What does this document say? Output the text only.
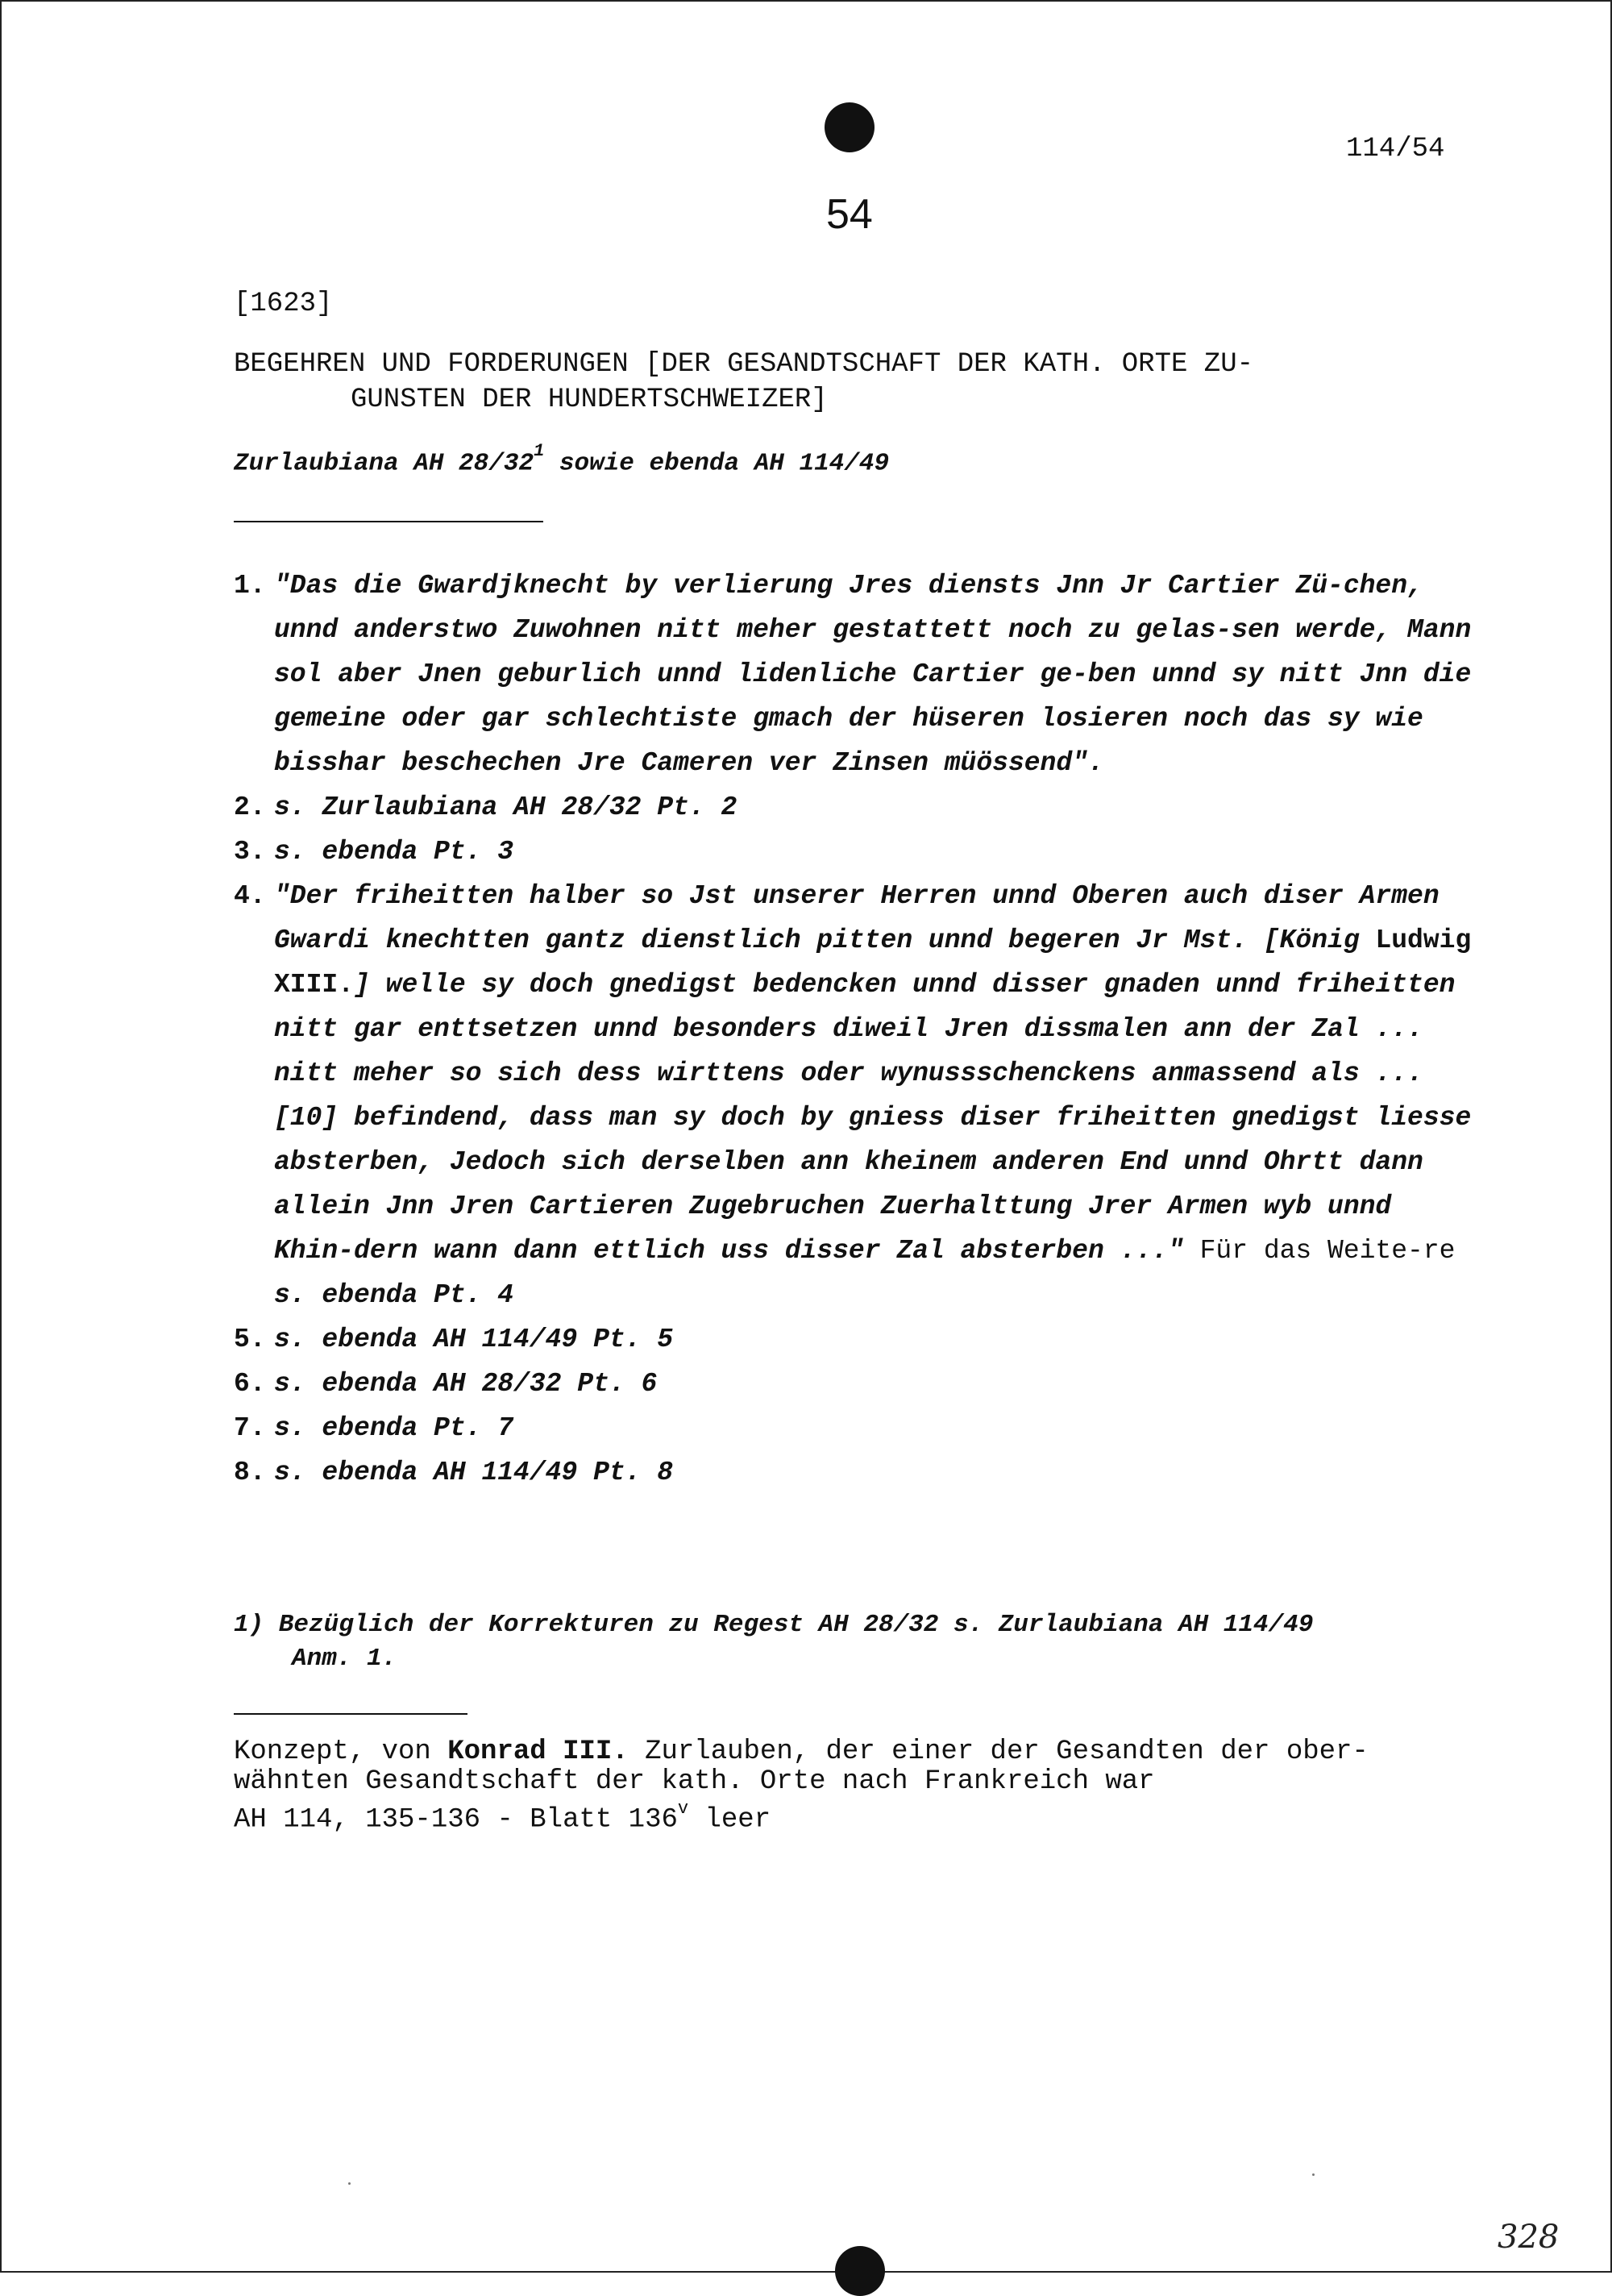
114/54
54
[1623]
BEGEHREN UND FORDERUNGEN [DER GESANDTSCHAFT DER KATH. ORTE ZU-
GUNSTEN DER HUNDERTSCHWEIZER]
Zurlaubiana AH $28/32^1$ sowie ebenda AH 114/49
1. "Das die Gwardjknecht by verlierung Jres diensts Jnn Jr Cartier Zü-chen, unnd anderstwo Zuwohnen nitt meher gestattett noch zu gelas-sen werde, Mann sol aber Jnen geburlich unnd lidenliche Cartier ge-ben unnd sy nitt Jnn die gemeine oder gar schlechtiste gmach der hüseren losieren noch das sy wie bisshar beschechen Jre Cameren ver Zinsen müössend".
2. s. Zurlaubiana AH 28/32 Pt. 2
3. s. ebenda Pt. 3
4. "Der friheitten halber so Jst unserer Herren unnd Oberen auch diser Armen Gwardi knechtten gantz dienstlich pitten unnd begeren Jr Mst. [König Ludwig XIII.] welle sy doch gnedigst bedencken unnd disser gnaden unnd friheitten nitt gar enttsetzen unnd besonders diweil Jren dissmalen ann der Zal ... nitt meher so sich dess wirttens oder wynussschenckens anmassend als ... [10] befindend, dass man sy doch by gniess diser friheitten gnedigst liesse absterben, Jedoch sich derselben ann kheinem anderen End unnd Ohrtt dann allein Jnn Jren Cartieren Zugebruchen Zuerhalttung Jrer Armen wyb unnd Khin-dern wann dann ettlich uss disser Zal absterben ..." Für das Weite-re s. ebenda Pt. 4
5. s. ebenda AH 114/49 Pt. 5
6. s. ebenda AH 28/32 Pt. 6
7. s. ebenda Pt. 7
8. s. ebenda AH 114/49 Pt. 8
1) Bezüglich der Korrekturen zu Regest AH 28/32 s. Zurlaubiana AH 114/49
Anm. 1.

Konzept, von Konrad III. Zurlauben, der einer der Gesandten der ober-

wähnten Gesandtschaft der kath. Orte nach Frankreich war

AH 114, 135-136 - Blatt 136$^v$ leer

328
